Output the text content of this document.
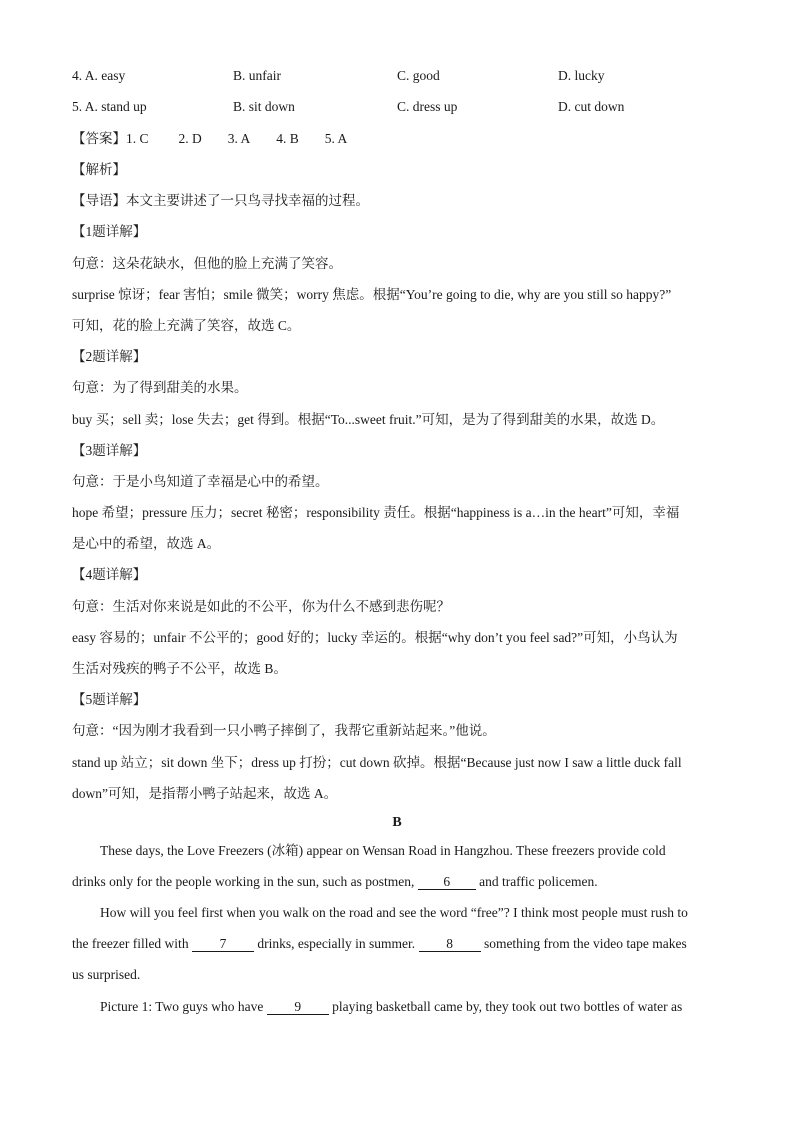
4. A. easy	B. unfair	C. good	D. lucky
5. A. stand up	B. sit down	C. dress up	D. cut down
【答案】1. C 2. D 3. A 4. B 5. A
【解析】
【导语】本文主要讲述了一只鸟寻找幸福的过程。
【1题详解】
句意：这朵花缺水，但他的脸上充满了笑容。
surprise 惊讶；fear 害怕；smile 微笑；worry 焦虑。根据“You’re going to die, why are you still so happy?”
可知，花的脸上充满了笑容，故选 C。
【2题详解】
句意：为了得到甜美的水果。
buy 买；sell 卖；lose 失去；get 得到。根据“To...sweet fruit.”可知，是为了得到甜美的水果，故选 D。
【3题详解】
句意：于是小鸟知道了幸福是心中的希望。
hope 希望；pressure 压力；secret 秘密；responsibility 责任。根据“happiness is a…in the heart”可知，幸福
是心中的希望，故选 A。
【4题详解】
句意：生活对你来说是如此的不公平，你为什么不感到悲伤呢？
easy 容易的；unfair 不公平的；good 好的；lucky 幸运的。根据“why don’t you feel sad?”可知，小鸟认为
生活对残疾的鸭子不公平，故选 B。
【5题详解】
句意：“因为刚才我看到一只小鸭子摔倒了，我帮它重新站起来。”他说。
stand up 站立；sit down 坐下；dress up 打扮；cut down 砍掉。根据“Because just now I saw a little duck fall
down”可知，是指帮小鸭子站起来，故选 A。
B
These days, the Love Freezers (冰箱) appear on Wensan Road in Hangzhou. These freezers provide cold
drinks only for the people working in the sun, such as postmen, 6 and traffic policemen.
How will you feel first when you walk on the road and see the word “free”? I think most people must rush to
the freezer filled with 7 drinks, especially in summer. 8 something from the video tape makes
us surprised.
Picture 1: Two guys who have 9 playing basketball came by, they took out two bottles of water as
